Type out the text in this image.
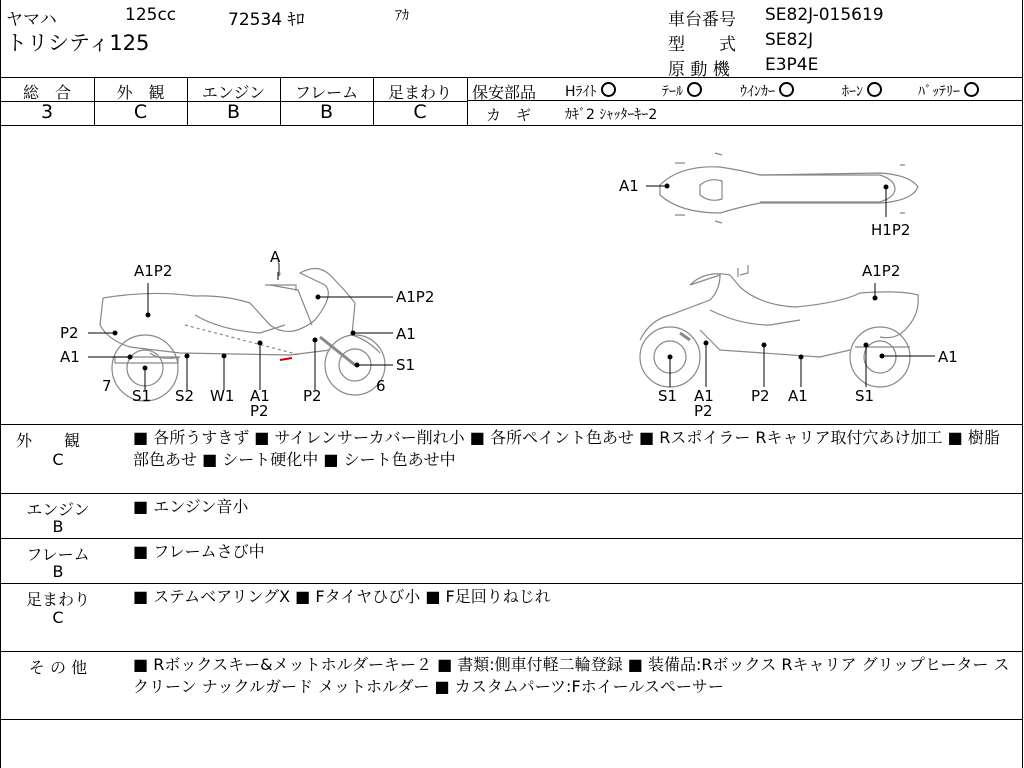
ヤマハ	125cc	72534 ｷﾛ	ｱｶ
トリシティ125
車台番号 SE82J-015619
型　　式 SE82J
原 動 機 E3P4E
総　合
3
外　観
C
エンジン
B
フレーム
B
足まわり
C
保安部品 Hﾗｲﾄ	ﾃｰﾙ	ｳｲﾝｶｰ	ﾎｰﾝ	ﾊﾞｯﾃﾘｰ
カ　ギ ｶｷﾞ2 ｼｬｯﾀｰｷｰ2
A1P2
A
A1P2
P2	A1
A1	S1
7	6
S1 S2 W1 A1
P2
P2
A1
H1P2
A1P2
A1
S1 A1
P2
P2 A1	S1
外　　観
C
■ 各所うすきず ■ サイレンサーカバー削れ小 ■ 各所ペイント色あせ ■ Rスポイラー Rキャリア取付穴あけ加工 ■ 樹脂部色あせ ■ シート硬化中 ■ シート色あせ中
エンジン
B
■ エンジン音小
フレーム
B
■ フレームさび中
足まわり
C
■ ステムベアリングX ■ Fタイヤひび小 ■ F足回りねじれ
そ の 他	■ Rボックスキー&メットホルダーキー２ ■ 書類:側車付軽二輪登録 ■ 装備品:Rボックス Rキャリア グリップヒーター スクリーン ナックルガード メットホルダー ■ カスタムパーツ:Fホイールスペーサー
